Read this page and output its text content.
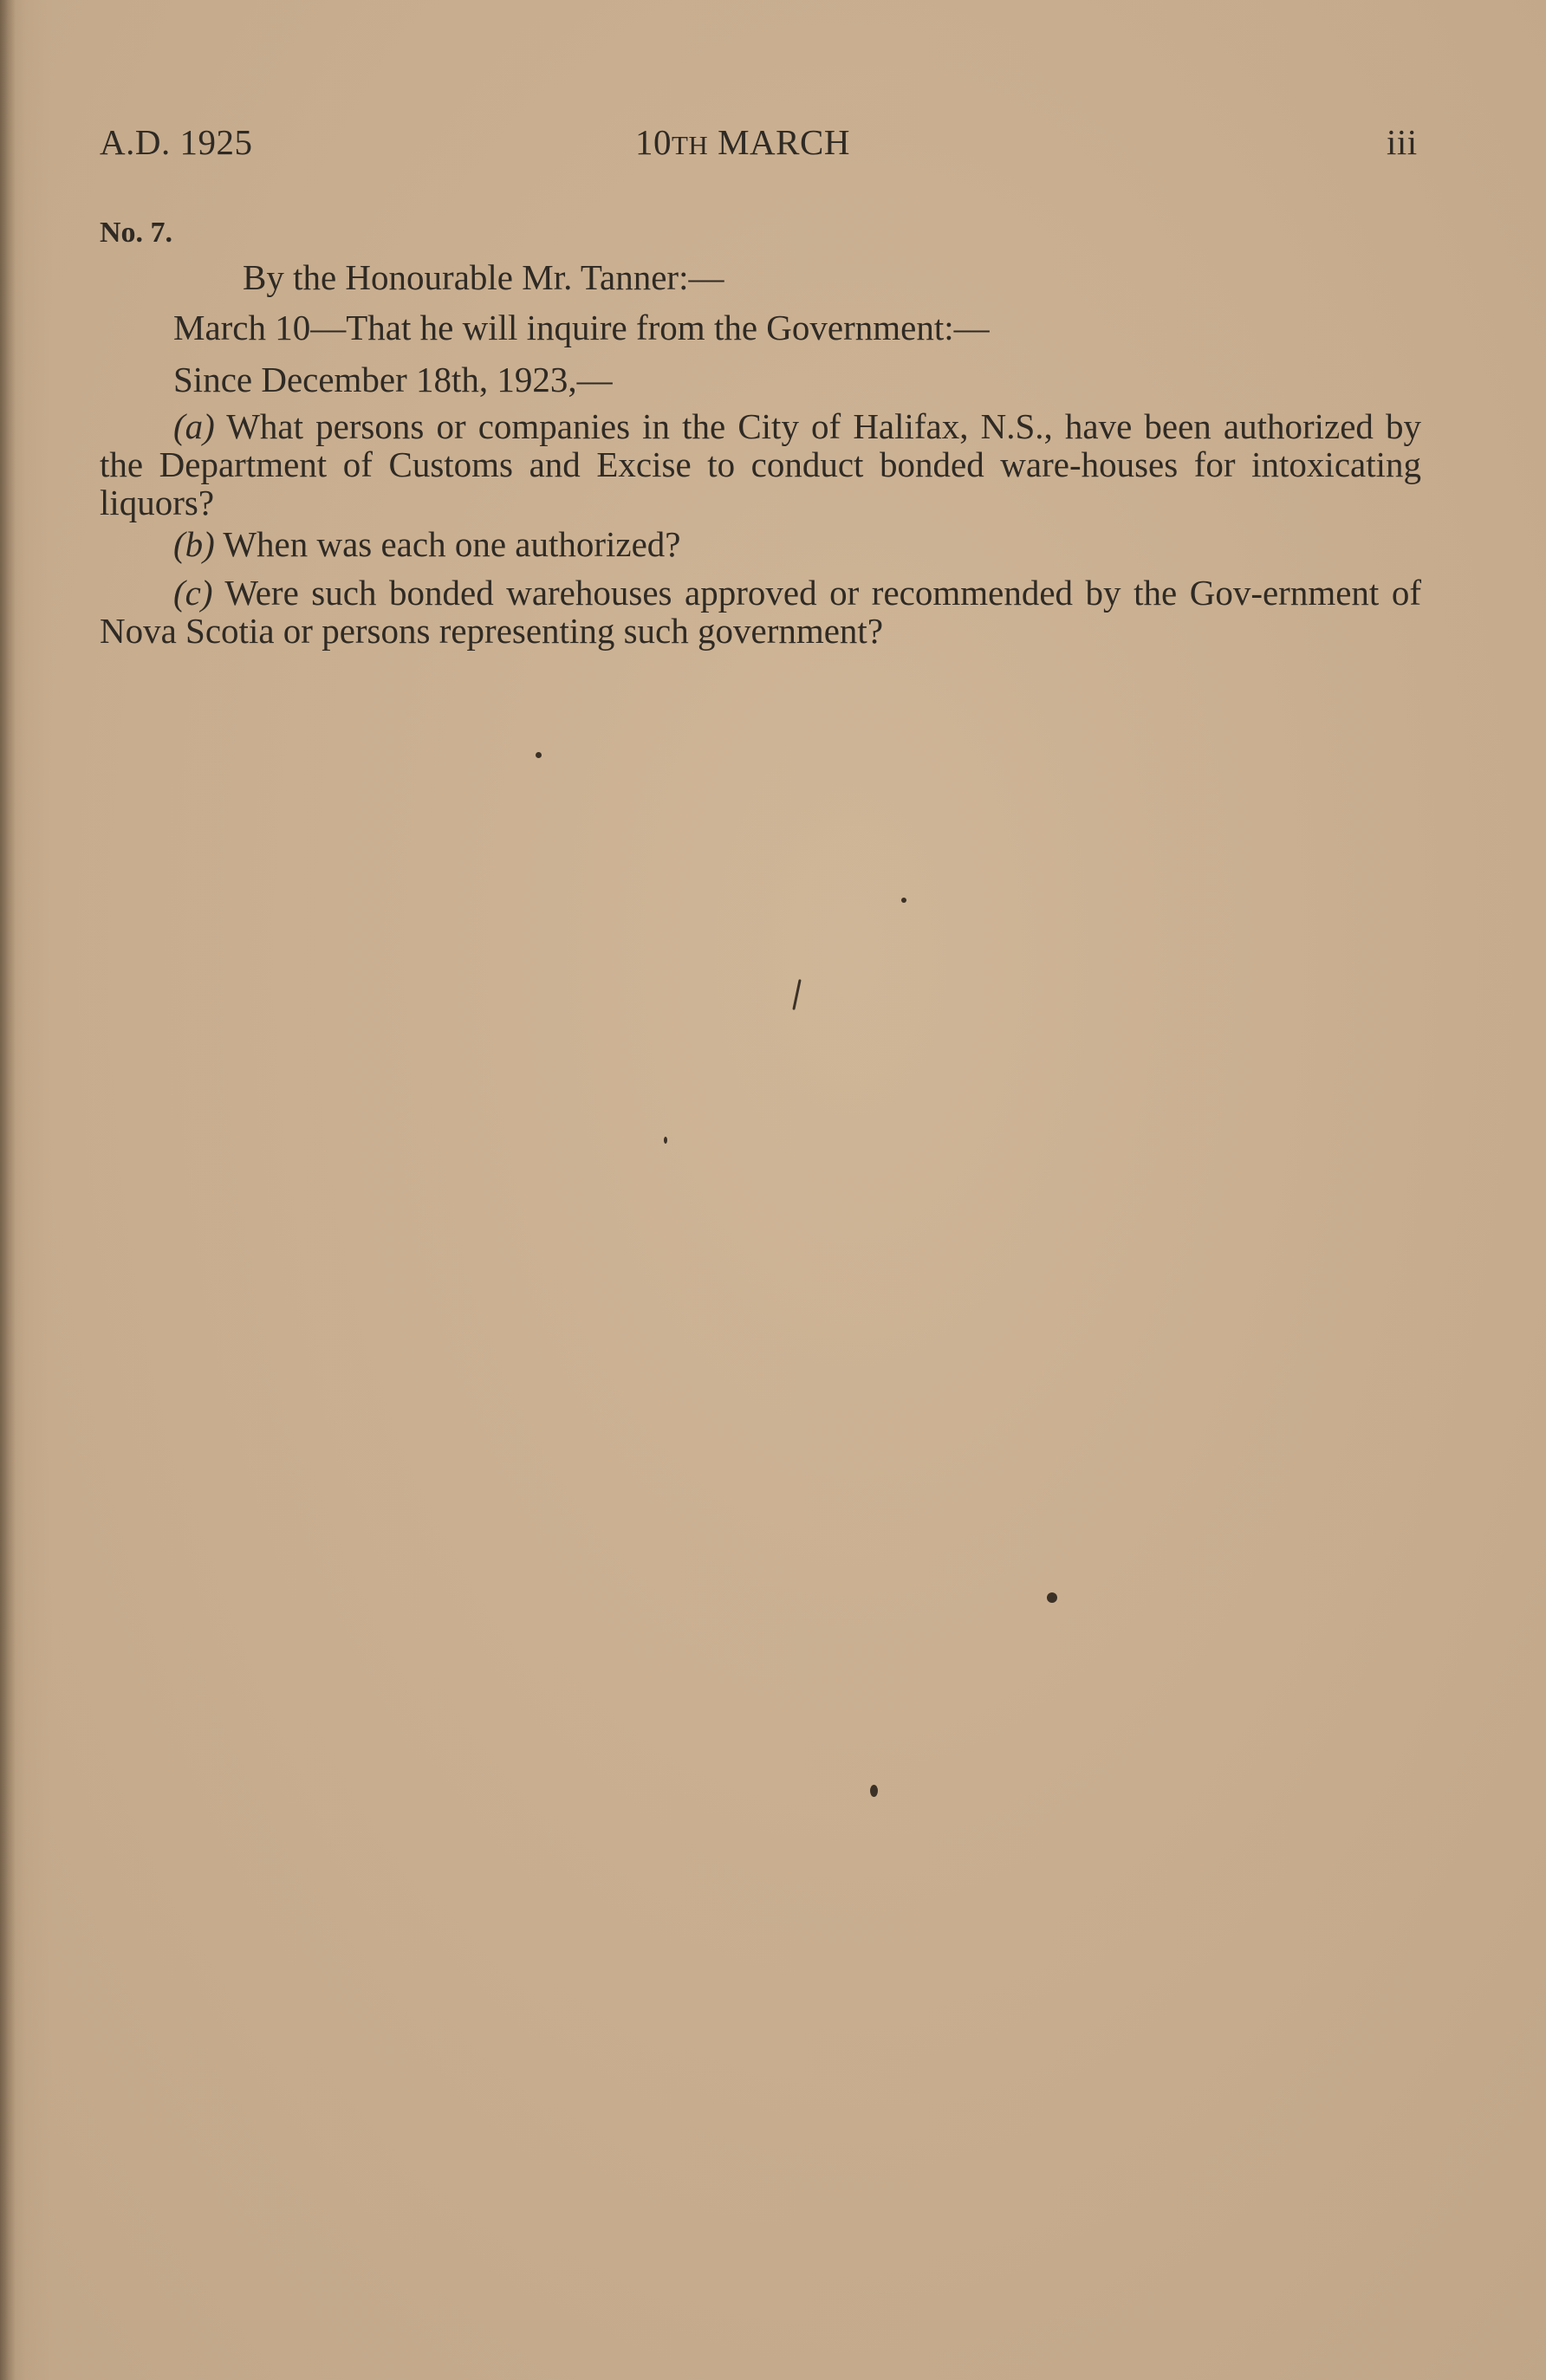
A.D. 1925	10TH MARCH	iii
No. 7.
By the Honourable Mr. Tanner:—
March 10—That he will inquire from the Government:—
Since December 18th, 1923,—
(a) What persons or companies in the City of Halifax, N.S., have been authorized by the Department of Customs and Excise to conduct bonded ware-houses for intoxicating liquors?
(b) When was each one authorized?
(c) Were such bonded warehouses approved or recommended by the Gov-ernment of Nova Scotia or persons representing such government?
